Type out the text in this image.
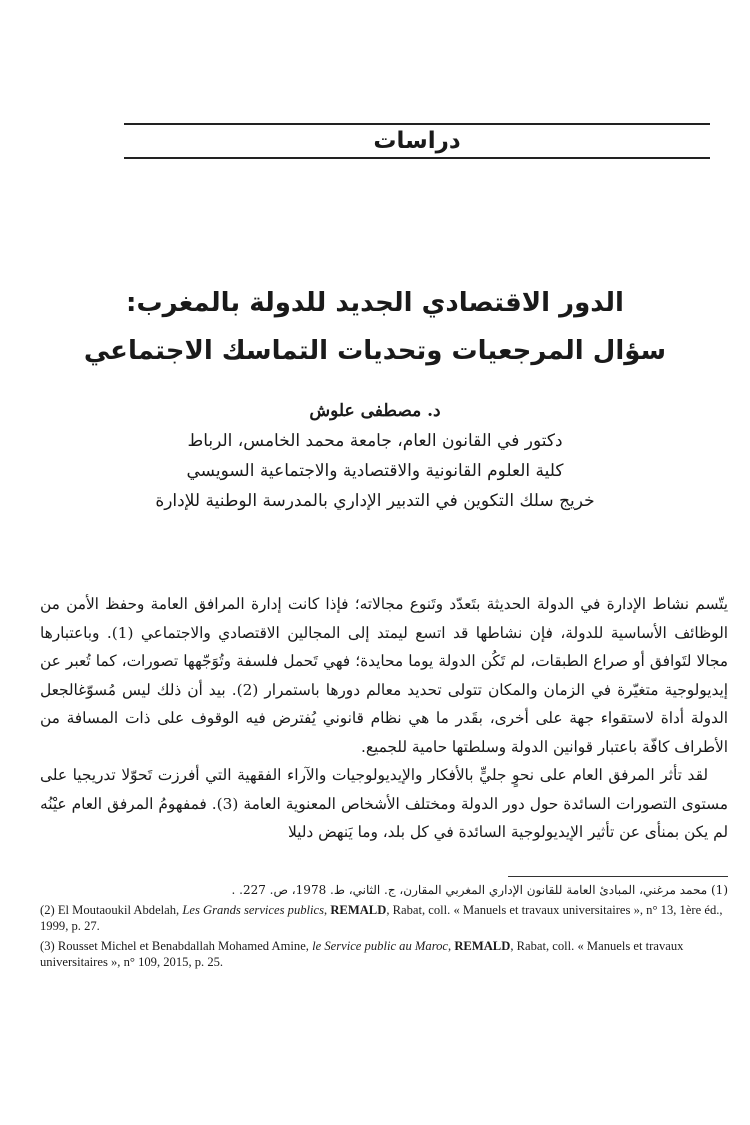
دراسات
الدور الاقتصادي الجديد للدولة بالمغرب:
سؤال المرجعيات وتحديات التماسك الاجتماعي
د. مصطفى علوش
دكتور في القانون العام، جامعة محمد الخامس، الرباط
كلية العلوم القانونية والاقتصادية والاجتماعية السويسي
خريج سلك التكوين في التدبير الإداري بالمدرسة الوطنية للإدارة

يتّسم نشاط الإدارة في الدولة الحديثة بتَعدّد وتَنوع مجالاته؛ فإذا كانت إدارة المرافق العامة وحفظ الأمن من الوظائف الأساسية للدولة، فإن نشاطها قد اتسع ليمتد إلى المجالين الاقتصادي والاجتماعي (1). وباعتبارها مجالا لتَوافق أو صراع الطبقات، لم تَكُن الدولة يوما محايدة؛ فهي تَحمل فلسفة وتُوَجّهها تصورات، كما تُعبر عن إيديولوجية متغيّرة في الزمان والمكان تتولى تحديد معالم دورها باستمرار (2). بيد أن ذلك ليس مُسوّغالجعل الدولة أداة لاستقواء جهة على أخرى، بقَدر ما هي نظام قانوني يُفترض فيه الوقوف على ذات المسافة من الأطراف كافّة باعتبار قوانين الدولة وسلطتها حامية للجميع.

لقد تأثر المرفق العام على نحوٍ جليٍّ بالأفكار والإيديولوجيات والآراء الفقهية التي أفرزت تَحوّلا تدريجيا على مستوى التصورات السائدة حول دور الدولة ومختلف الأشخاص المعنوية العامة (3). فمفهومُ المرفق العام عيْنُه لم يكن بمنأى عن تأثير الإيديولوجية السائدة في كل بلد، وما يَنهض دليلا

(1) محمد مرغني، المبادئ العامة للقانون الإداري المغربي المقارن، ج. الثاني، ط. 1978، ص. 227. .
(2) El Moutaoukil Abdelah, Les Grands services publics, REMALD, Rabat, coll. « Manuels et travaux universitaires », n° 13, 1ère éd., 1999, p. 27.
(3) Rousset Michel et Benabdallah Mohamed Amine, le Service public au Maroc, REMALD, Rabat, coll. « Manuels et travaux universitaires », n° 109, 2015, p. 25.
